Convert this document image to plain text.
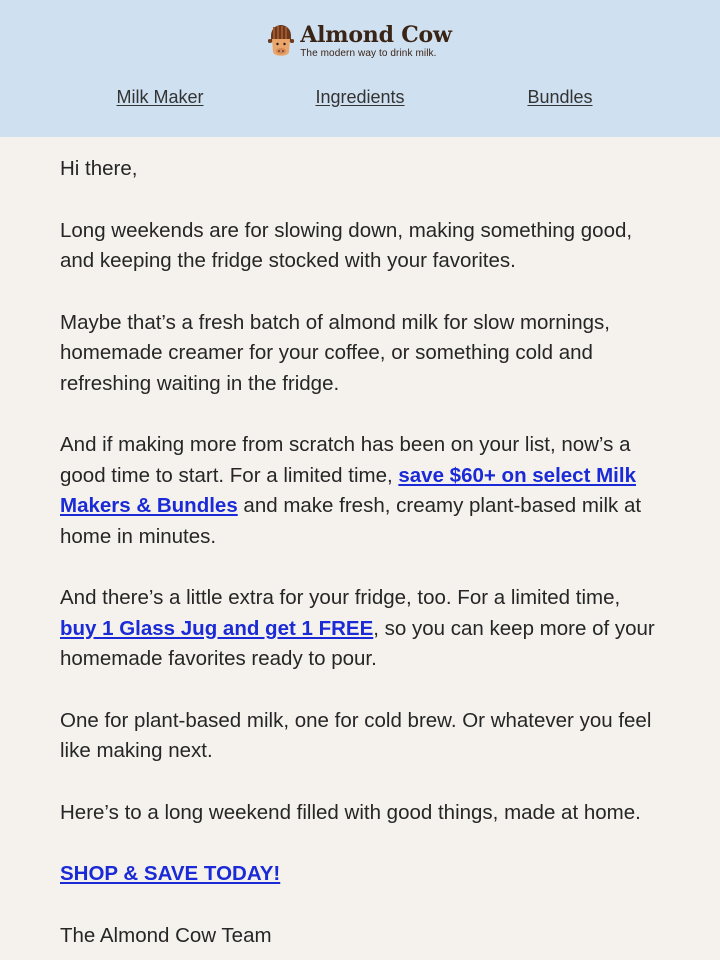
Almond Cow
The modern way to drink milk.
Milk Maker	Ingredients	Bundles

Hi there,

Long weekends are for slowing down, making something good, and keeping the fridge stocked with your favorites.

Maybe that’s a fresh batch of almond milk for slow mornings, homemade creamer for your coffee, or something cold and refreshing waiting in the fridge.

And if making more from scratch has been on your list, now’s a good time to start. For a limited time, save $60+ on select Milk Makers & Bundles and make fresh, creamy plant-based milk at home in minutes.

And there’s a little extra for your fridge, too. For a limited time, buy 1 Glass Jug and get 1 FREE, so you can keep more of your homemade favorites ready to pour.

One for plant-based milk, one for cold brew. Or whatever you feel like making next.

Here’s to a long weekend filled with good things, made at home.

SHOP & SAVE TODAY!

The Almond Cow Team
